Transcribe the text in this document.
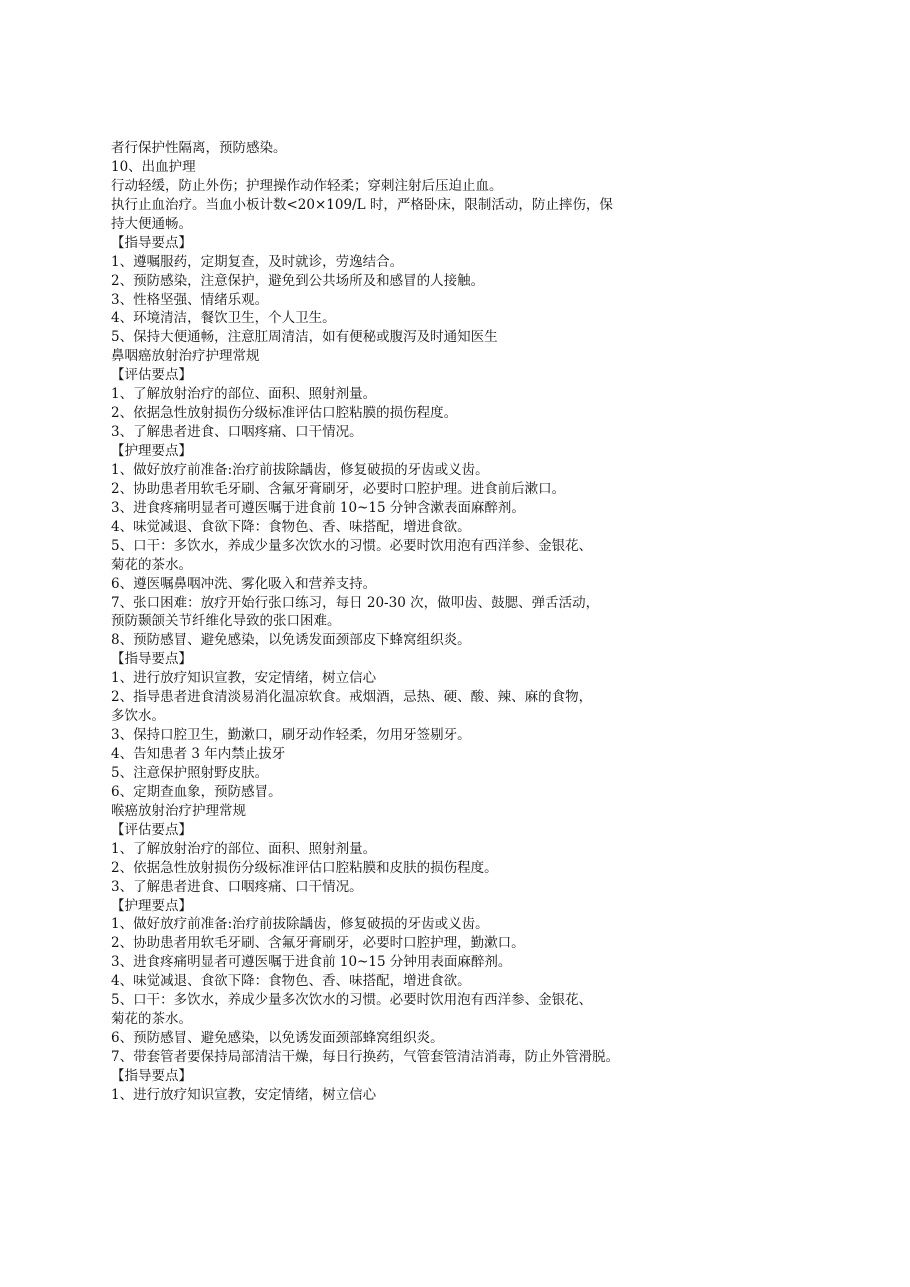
者行保护性隔离，预防感染。
10、出血护理
行动轻缓，防止外伤；护理操作动作轻柔；穿刺注射后压迫止血。
执行止血治疗。当血小板计数<20×109/L 时，严格卧床，限制活动，防止摔伤，保
持大便通畅。
【指导要点】
1、遵嘱服药，定期复查，及时就诊，劳逸结合。
2、预防感染，注意保护，避免到公共场所及和感冒的人接触。
3、性格坚强、情绪乐观。
4、环境清洁，餐饮卫生，个人卫生。
5、保持大便通畅，注意肛周清洁，如有便秘或腹泻及时通知医生
鼻咽癌放射治疗护理常规
【评估要点】
1、了解放射治疗的部位、面积、照射剂量。
2、依据急性放射损伤分级标准评估口腔粘膜的损伤程度。
3、了解患者进食、口咽疼痛、口干情况。
【护理要点】
1、做好放疗前准备:治疗前拔除龋齿，修复破损的牙齿或义齿。
2、协助患者用软毛牙刷、含氟牙膏刷牙，必要时口腔护理。进食前后漱口。
3、进食疼痛明显者可遵医嘱于进食前 10~15 分钟含漱表面麻醉剂。
4、味觉减退、食欲下降：食物色、香、味搭配，增进食欲。
5、口干：多饮水，养成少量多次饮水的习惯。必要时饮用泡有西洋参、金银花、
菊花的茶水。
6、遵医嘱鼻咽冲洗、雾化吸入和营养支持。
7、张口困难：放疗开始行张口练习，每日 20-30 次，做叩齿、鼓腮、弹舌活动，
预防颞颌关节纤维化导致的张口困难。
8、预防感冒、避免感染，以免诱发面颈部皮下蜂窝组织炎。
【指导要点】
1、进行放疗知识宣教，安定情绪，树立信心
2、指导患者进食清淡易消化温凉软食。戒烟酒，忌热、硬、酸、辣、麻的食物，
多饮水。
3、保持口腔卫生，勤漱口，刷牙动作轻柔，勿用牙签剔牙。
4、告知患者 3 年内禁止拔牙
5、注意保护照射野皮肤。
6、定期查血象，预防感冒。
喉癌放射治疗护理常规
【评估要点】
1、了解放射治疗的部位、面积、照射剂量。
2、依据急性放射损伤分级标准评估口腔粘膜和皮肤的损伤程度。
3、了解患者进食、口咽疼痛、口干情况。
【护理要点】
1、做好放疗前准备:治疗前拔除龋齿，修复破损的牙齿或义齿。
2、协助患者用软毛牙刷、含氟牙膏刷牙，必要时口腔护理，勤漱口。
3、进食疼痛明显者可遵医嘱于进食前 10~15 分钟用表面麻醉剂。
4、味觉减退、食欲下降：食物色、香、味搭配，增进食欲。
5、口干：多饮水，养成少量多次饮水的习惯。必要时饮用泡有西洋参、金银花、
菊花的茶水。
6、预防感冒、避免感染，以免诱发面颈部蜂窝组织炎。
7、带套管者要保持局部清洁干燥，每日行换药，气管套管清洁消毒，防止外管滑脱。
【指导要点】
1、进行放疗知识宣教，安定情绪，树立信心
